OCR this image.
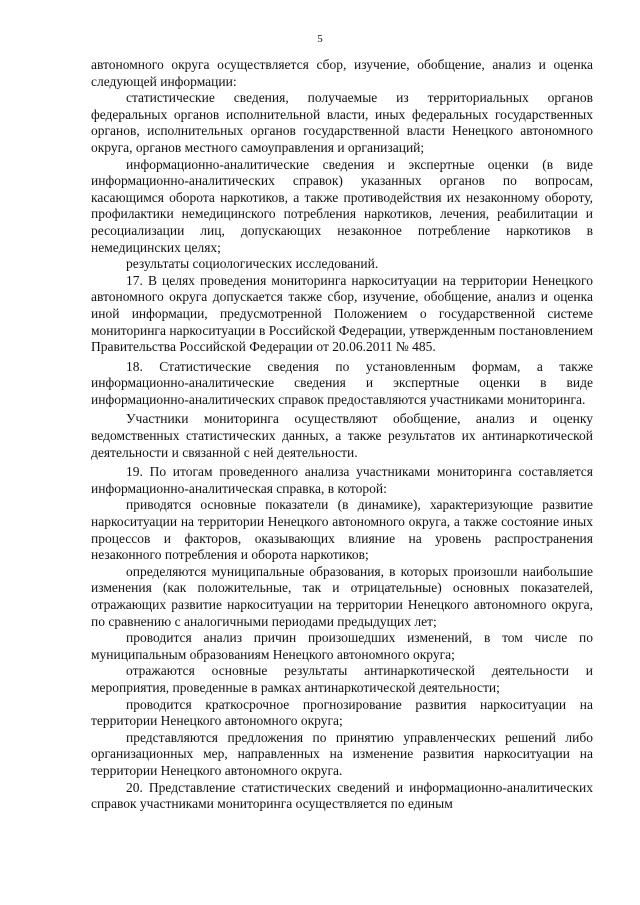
5

автономного округа осуществляется сбор, изучение, обобщение, анализ и оценка следующей информации:

статистические сведения, получаемые из территориальных органов федеральных органов исполнительной власти, иных федеральных государственных органов, исполнительных органов государственной власти Ненецкого автономного округа, органов местного самоуправления и организаций;

информационно-аналитические сведения и экспертные оценки (в виде информационно-аналитических справок) указанных органов по вопросам, касающимся оборота наркотиков, а также противодействия их незаконному обороту, профилактики немедицинского потребления наркотиков, лечения, реабилитации и ресоциализации лиц, допускающих незаконное потребление наркотиков в немедицинских целях;

результаты социологических исследований.

17. В целях проведения мониторинга наркоситуации на территории Ненецкого автономного округа допускается также сбор, изучение, обобщение, анализ и оценка иной информации, предусмотренной Положением о государственной системе мониторинга наркоситуации в Российской Федерации, утвержденным постановлением Правительства Российской Федерации от 20.06.2011 № 485.

18. Статистические сведения по установленным формам, а также информационно-аналитические сведения и экспертные оценки в виде информационно-аналитических справок предоставляются участниками мониторинга.

Участники мониторинга осуществляют обобщение, анализ и оценку ведомственных статистических данных, а также результатов их антинаркотической деятельности и связанной с ней деятельности.

19. По итогам проведенного анализа участниками мониторинга составляется информационно-аналитическая справка, в которой:

приводятся основные показатели (в динамике), характеризующие развитие наркоситуации на территории Ненецкого автономного округа, а также состояние иных процессов и факторов, оказывающих влияние на уровень распространения незаконного потребления и оборота наркотиков;

определяются муниципальные образования, в которых произошли наибольшие изменения (как положительные, так и отрицательные) основных показателей, отражающих развитие наркоситуации на территории Ненецкого автономного округа, по сравнению с аналогичными периодами предыдущих лет;

проводится анализ причин произошедших изменений, в том числе по муниципальным образованиям Ненецкого автономного округа;

отражаются основные результаты антинаркотической деятельности и мероприятия, проведенные в рамках антинаркотической деятельности;

проводится краткосрочное прогнозирование развития наркоситуации на территории Ненецкого автономного округа;

представляются предложения по принятию управленческих решений либо организационных мер, направленных на изменение развития наркоситуации на территории Ненецкого автономного округа.

20. Представление статистических сведений и информационно-аналитических справок участниками мониторинга осуществляется по единым
